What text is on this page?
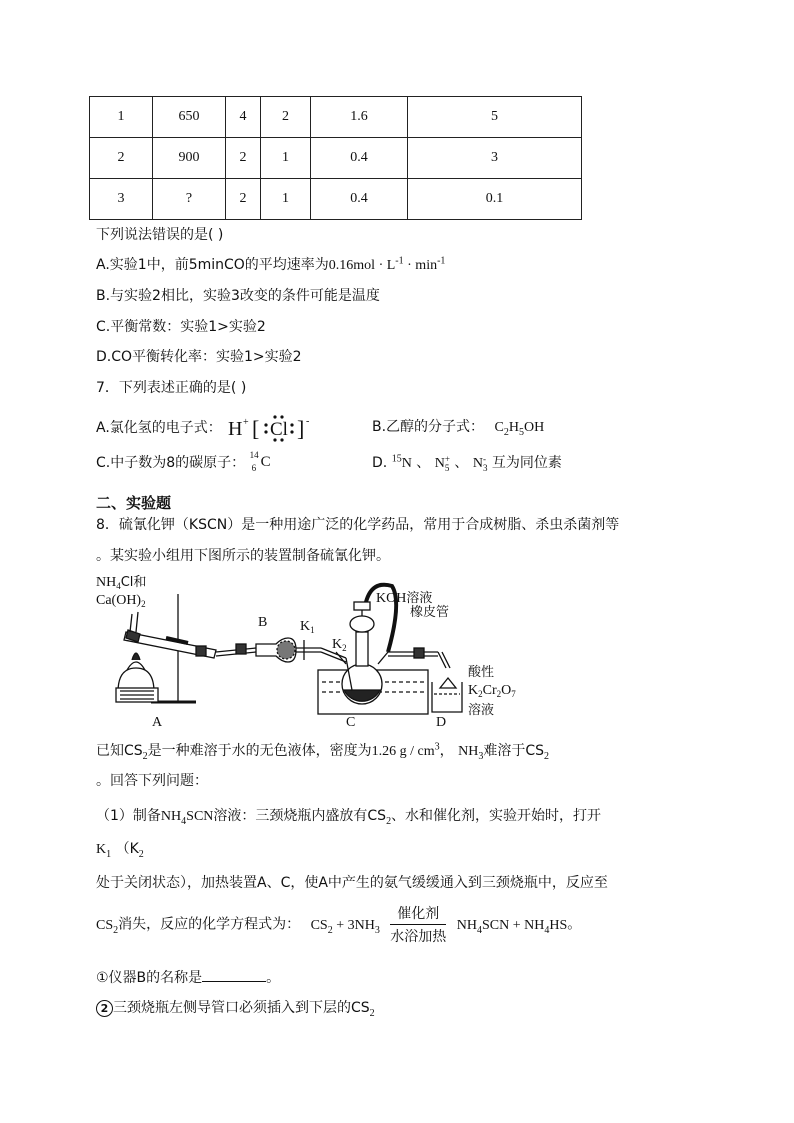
1	650	4	2	1.6	5
2	900	2	1	0.4	3
3	?	2	1	0.4	0.1
下列说法错误的是( )
A.实验1中，前5minCO的平均速率为$0.16mol \cdot L^{-1} \cdot \min^{-1}$
B.与实验2相比，实验3改变的条件可能是温度
C.平衡常数：实验1>实验2
D.CO平衡转化率：实验1>实验2
7．下列表述正确的是( )
A.氯化氢的电子式： H + [ Cl ] -	B.乙醇的分子式： $C_2H_5OH$
C.中子数为8的碳原子： 14
6 C	D. $^{15}$N 、 N +
5 、 N -
3 互为同位素
二、实验题
8．硫氰化钾（KSCN）是一种用途广泛的化学药品，常用于合成树脂、杀虫杀菌剂等
。某实验小组用下图所示的装置制备硫氰化钾。
$NH_4Cl$和
$Ca(OH)_2$
A
B $K_1$
KOH溶液
橡皮管
$K_2$
C	D
酸性
$K_2Cr_2O_7$
溶液
已知$CS_2$是一种难溶于水的无色液体，密度为1.26 g / $cm^3$， $NH_3$难溶于$CS_2$
。回答下列问题：
（1）制备$NH_4SCN$溶液：三颈烧瓶内盛放有$CS_2$、水和催化剂，实验开始时，打开
$K_1$ （$K_2$
处于关闭状态），加热装置A、C，使A中产生的氨气缓缓通入到三颈烧瓶中，反应至
$CS_2$消失，反应的化学方程式为： $CS_2 + 3NH_3 \frac{\text{催化剂}}{\text{水浴加热}} NH_4SCN + NH_4HS$。
①仪器B的名称是	。
2 三颈烧瓶左侧导管口必须插入到下层的$CS_2$
